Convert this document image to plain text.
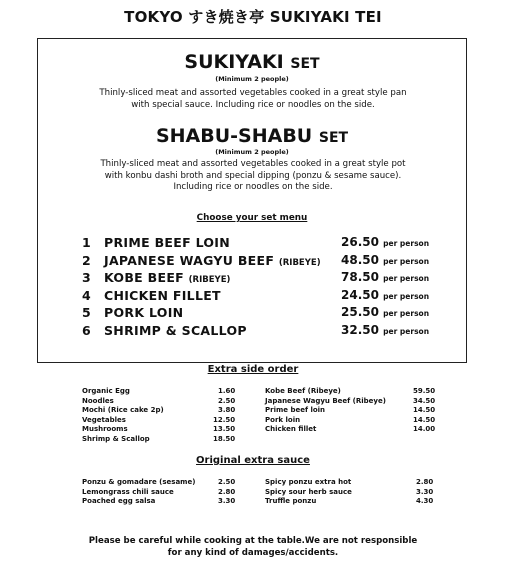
TOKYO すき焼き亭 SUKIYAKI TEI
SUKIYAKI SET
(Minimum 2 people)
Thinly-sliced meat and assorted vegetables cooked in a great style pan
with special sauce. Including rice or noodles on the side.
SHABU-SHABU SET
(Minimum 2 people)
Thinly-sliced meat and assorted vegetables cooked in a great style pot
with konbu dashi broth and special dipping (ponzu & sesame sauce).
Including rice or noodles on the side.
Choose your set menu
1 PRIME BEEF LOIN	26.50 per person
2 JAPANESE WAGYU BEEF (RIBEYE) 48.50 per person
3 KOBE BEEF (RIBEYE)	78.50 per person
4 CHICKEN FILLET	24.50 per person
5 PORK LOIN	25.50 per person
6 SHRIMP & SCALLOP	32.50 per person
Extra side order
Organic Egg	1.60
Noodles	2.50
Mochi (Rice cake 2p)	3.80
Vegetables	12.50
Mushrooms	13.50
Shrimp & Scallop	18.50
Kobe Beef (Ribeye)	59.50
Japanese Wagyu Beef (Ribeye)	34.50
Prime beef loin	14.50
Pork loin	14.50
Chicken fillet	14.00
Original extra sauce
Ponzu & gomadare (sesame)	2.50
Lemongrass chili sauce	2.80
Poached egg salsa	3.30
Spicy ponzu extra hot	2.80
Spicy sour herb sauce	3.30
Truffle ponzu	4.30
Please be careful while cooking at the table.We are not responsible
for any kind of damages/accidents.
